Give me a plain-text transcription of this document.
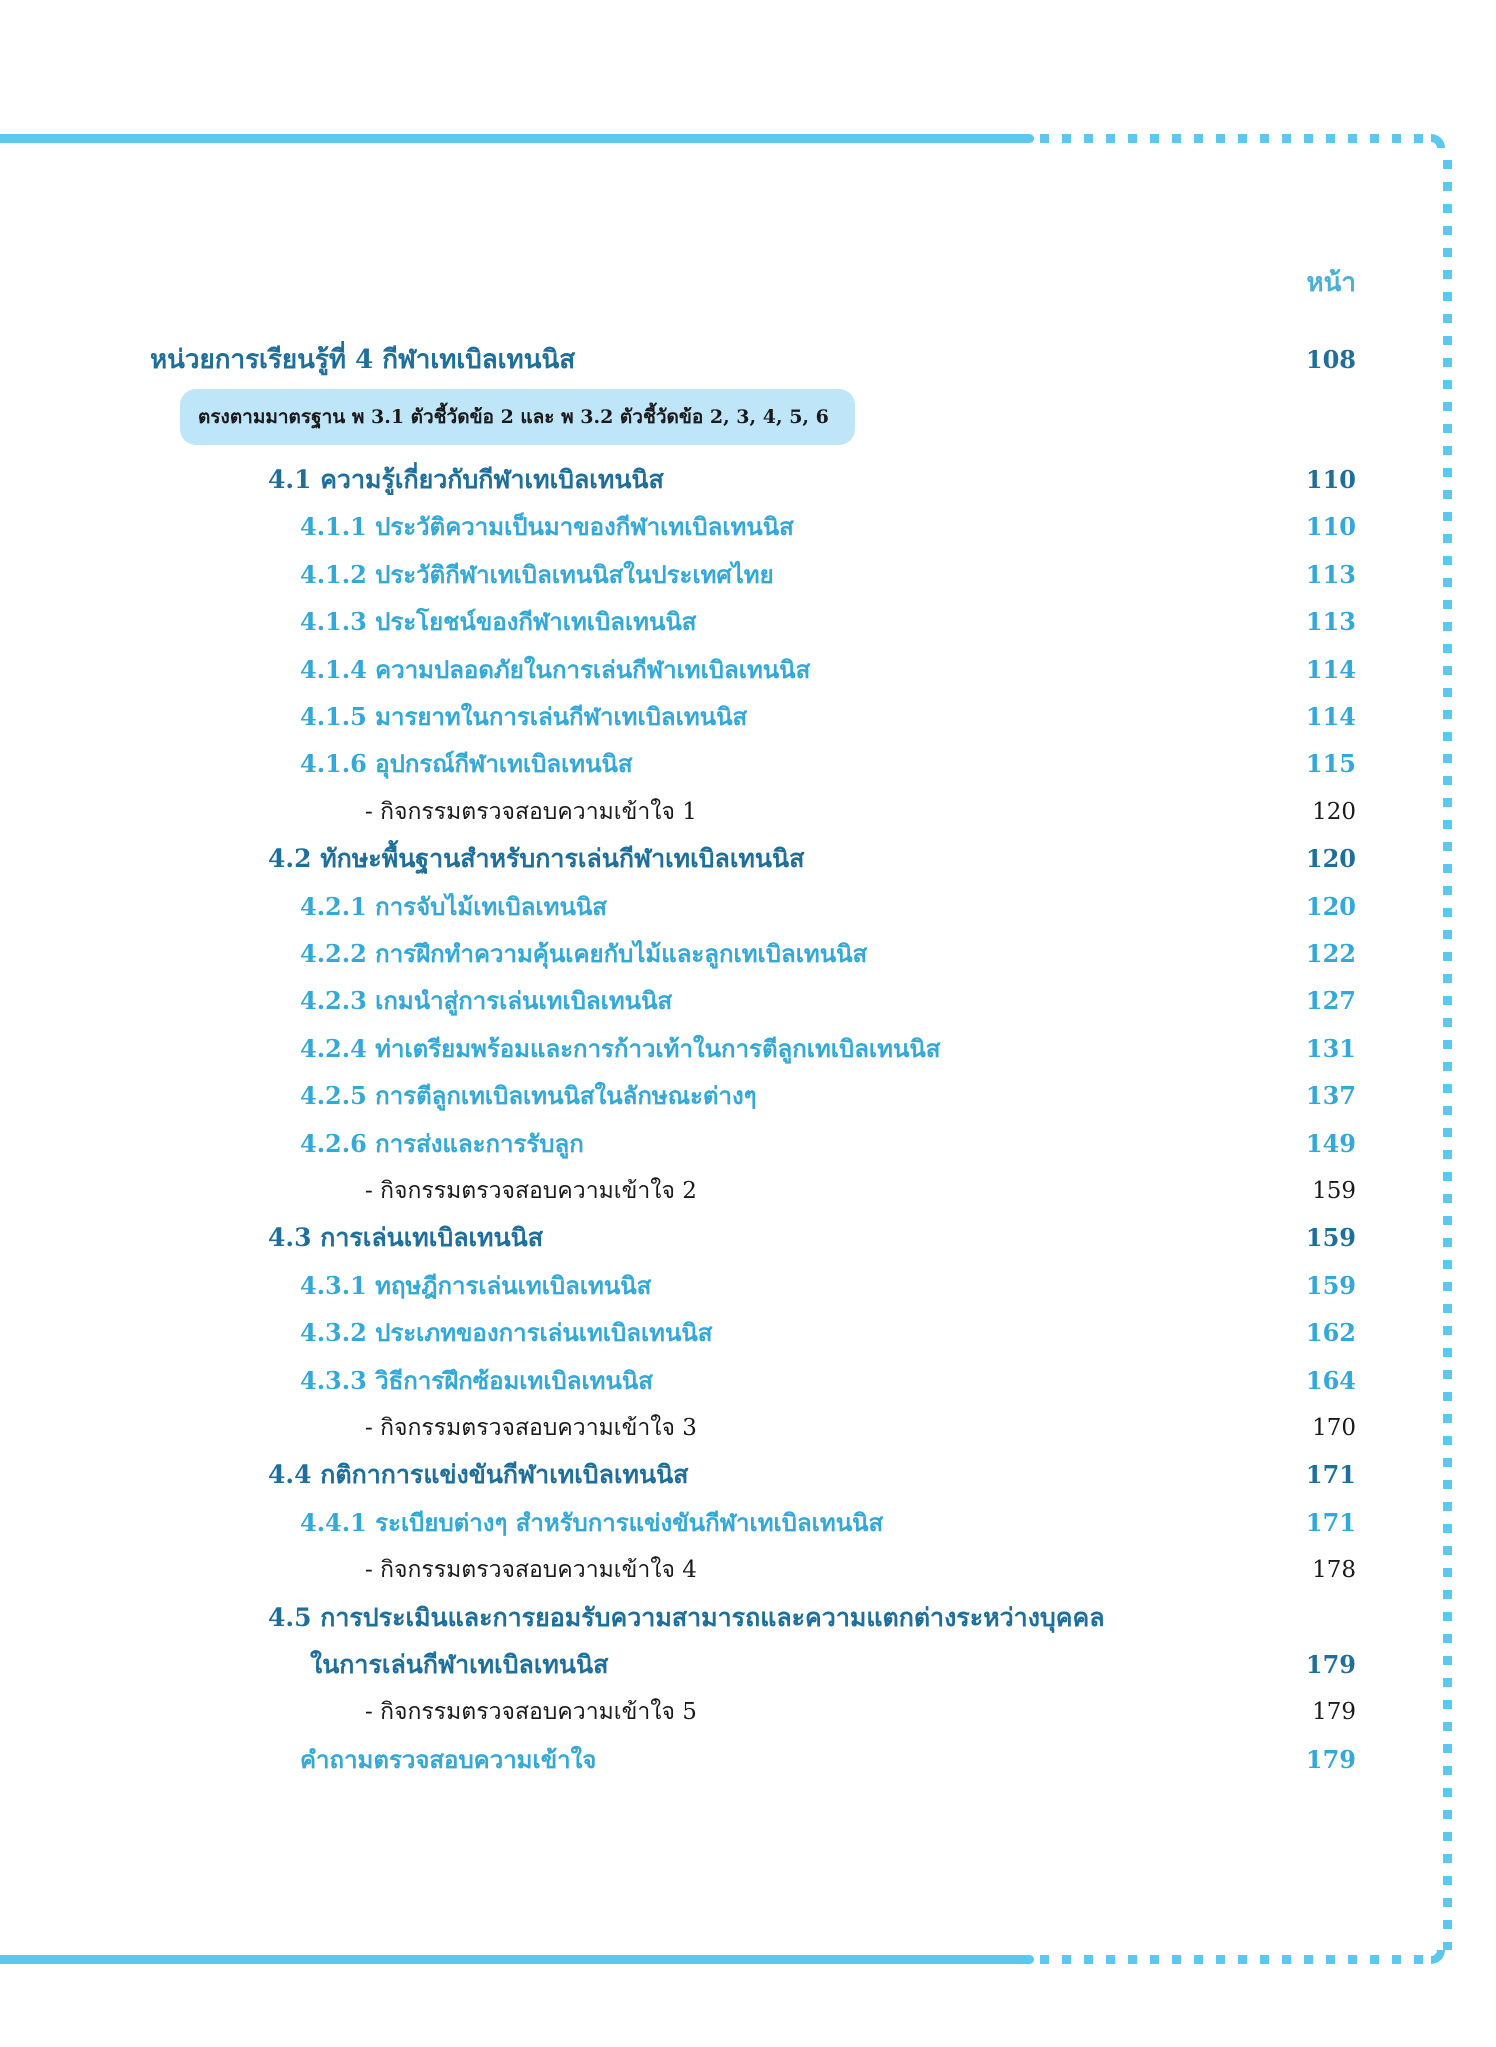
หน้า
หน่วยการเรียนรู้ที่ 4 กีฬาเทเบิลเทนนิส	108
ตรงตามมาตรฐาน พ 3.1 ตัวชี้วัดข้อ 2 และ พ 3.2 ตัวชี้วัดข้อ 2, 3, 4, 5, 6
4.1 ความรู้เกี่ยวกับกีฬาเทเบิลเทนนิส	110
4.1.1 ประวัติความเป็นมาของกีฬาเทเบิลเทนนิส	110
4.1.2 ประวัติกีฬาเทเบิลเทนนิสในประเทศไทย	113
4.1.3 ประโยชน์ของกีฬาเทเบิลเทนนิส	113
4.1.4 ความปลอดภัยในการเล่นกีฬาเทเบิลเทนนิส	114
4.1.5 มารยาทในการเล่นกีฬาเทเบิลเทนนิส	114
4.1.6 อุปกรณ์กีฬาเทเบิลเทนนิส	115
- กิจกรรมตรวจสอบความเข้าใจ 1	120
4.2 ทักษะพื้นฐานสำหรับการเล่นกีฬาเทเบิลเทนนิส	120
4.2.1 การจับไม้เทเบิลเทนนิส	120
4.2.2 การฝึกทำความคุ้นเคยกับไม้และลูกเทเบิลเทนนิส	122
4.2.3 เกมนำสู่การเล่นเทเบิลเทนนิส	127
4.2.4 ท่าเตรียมพร้อมและการก้าวเท้าในการตีลูกเทเบิลเทนนิส	131
4.2.5 การตีลูกเทเบิลเทนนิสในลักษณะต่างๆ	137
4.2.6 การส่งและการรับลูก	149
- กิจกรรมตรวจสอบความเข้าใจ 2	159
4.3 การเล่นเทเบิลเทนนิส	159
4.3.1 ทฤษฎีการเล่นเทเบิลเทนนิส	159
4.3.2 ประเภทของการเล่นเทเบิลเทนนิส	162
4.3.3 วิธีการฝึกซ้อมเทเบิลเทนนิส	164
- กิจกรรมตรวจสอบความเข้าใจ 3	170
4.4 กติกาการแข่งขันกีฬาเทเบิลเทนนิส	171
4.4.1 ระเบียบต่างๆ สำหรับการแข่งขันกีฬาเทเบิลเทนนิส	171
- กิจกรรมตรวจสอบความเข้าใจ 4	178
4.5 การประเมินและการยอมรับความสามารถและความแตกต่างระหว่างบุคคล
ในการเล่นกีฬาเทเบิลเทนนิส	179
- กิจกรรมตรวจสอบความเข้าใจ 5	179
คำถามตรวจสอบความเข้าใจ	179
